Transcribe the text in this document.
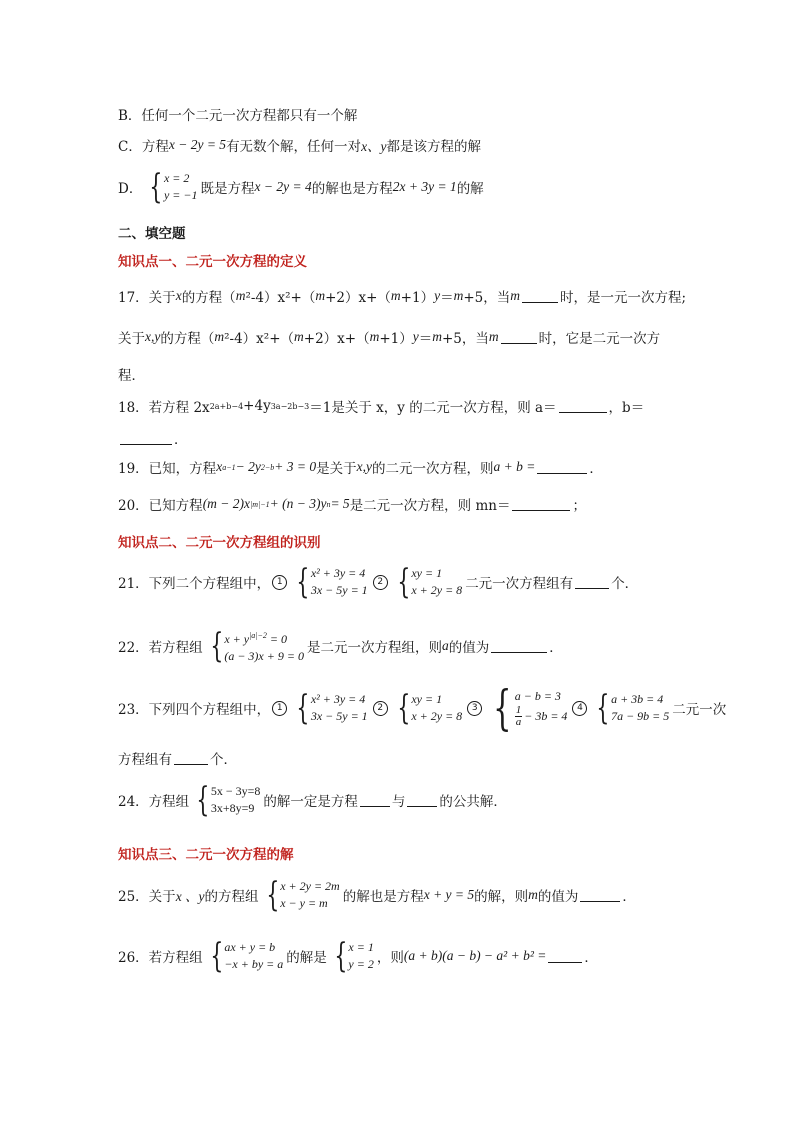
B．任何一个二元一次方程都只有一个解
C．方程 x − 2y = 5 有无数个解，任何一对 x、y 都是该方程的解
D． { x = 2
y = −1 既是方程 x − 2y = 4 的解也是方程 2x + 3y = 1 的解
二、填空题
知识点一、二元一次方程的定义
17．关于 x 的方程（ m ²-4）x²+（ m +2）x+（ m +1） y ＝ m +5，当 m	时，是一元一次方程;
关于 x,y 的方程（ m ²-4）x²+（ m +2）x+（ m +1） y ＝ m +5，当 m	时，它是二元一次方
程．
18．若方程 2x 2a+b−4 +4y 3a−2b−3 ＝1是关于 x，y 的二元一次方程，则 a＝	，b＝
．
19．已知，方程 x a−1 − 2y 2−b + 3 = 0 是关于 x,y 的二元一次方程，则 a + b =	．
20．已知方程 (m − 2)x |m|−1 + (n − 3)y n = 5 是二元一次方程，则 mn＝	；
知识点二、二元一次方程组的识别
21．下列二个方程组中， 1 { x² + 3y = 4
3x − 5y = 1
2 { xy = 1
x + 2y = 8 二元一次方程组有	个．
22．若方程组 { $x + y^{|a|-2} = 0$
(a − 3)x + 9 = 0 是二元一次方程组，则 a 的值为	．
23．下列四个方程组中， 1 { x² + 3y = 4
3x − 5y = 1
2 { xy = 1
x + 2y = 8
3 { a − b = 3
$\frac{1}{a} - 3b = 4$
4 { a + 3b = 4
7a − 9b = 5 二元一次
方程组有	个．
24．方程组 { 5x − 3y=8
3x+8y=9 的解一定是方程	与	的公共解．
知识点三、二元一次方程的解
25．关于 x 、y 的方程组 { x + 2y = 2m
x − y = m	的解也是方程 x + y = 5 的解，则 m 的值为	．
26．若方程组 { ax + y = b
−x + by = a 的解是 { x = 1
y = 2 ，则 (a + b)(a − b) − a² + b² =	．
